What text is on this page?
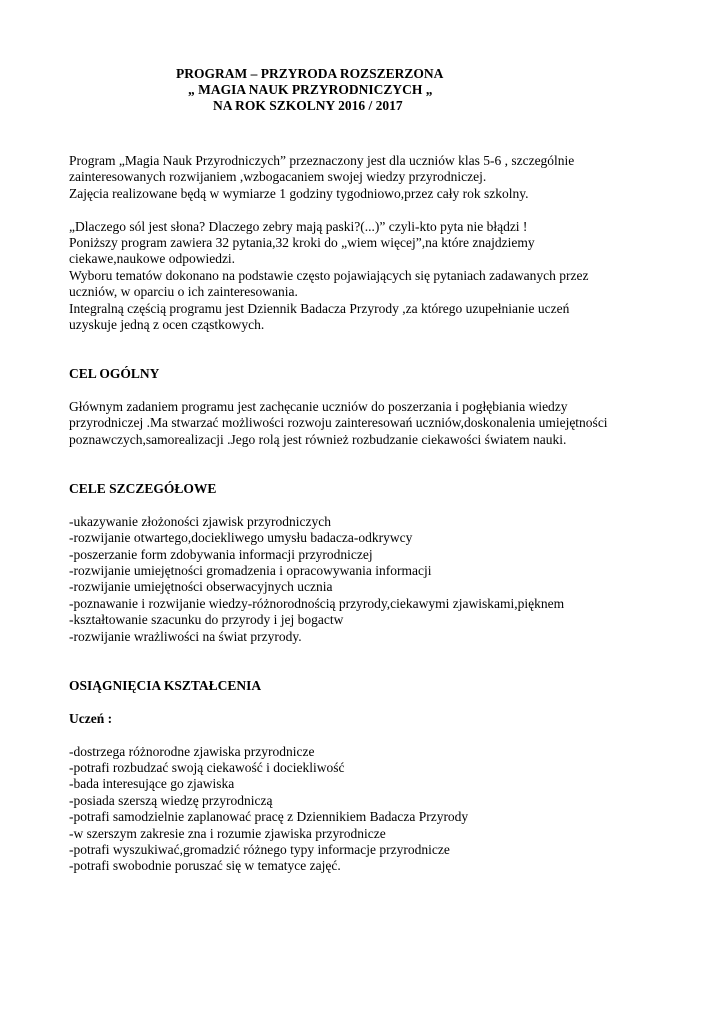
PROGRAM – PRZYRODA ROZSZERZONA
„ MAGIA NAUK PRZYRODNICZYCH „
NA ROK SZKOLNY 2016 / 2017
Program „Magia Nauk Przyrodniczych” przeznaczony jest dla uczniów klas 5-6 , szczególnie
zainteresowanych rozwijaniem ,wzbogacaniem swojej wiedzy przyrodniczej.
Zajęcia realizowane będą w wymiarze 1 godziny tygodniowo,przez cały rok szkolny.
„Dlaczego sól jest słona? Dlaczego zebry mają paski?(...)” czyli-kto pyta nie błądzi !
Poniższy program zawiera 32 pytania,32 kroki do „wiem więcej”,na które znajdziemy
ciekawe,naukowe odpowiedzi.
Wyboru tematów dokonano na podstawie często pojawiających się pytaniach zadawanych przez
uczniów, w oparciu o ich zainteresowania.
Integralną częścią programu jest Dziennik Badacza Przyrody ,za którego uzupełnianie uczeń
uzyskuje jedną z ocen cząstkowych.
CEL OGÓLNY
Głównym zadaniem programu jest zachęcanie uczniów do poszerzania i pogłębiania wiedzy
przyrodniczej .Ma stwarzać możliwości rozwoju zainteresowań uczniów,doskonalenia umiejętności
poznawczych,samorealizacji .Jego rolą jest również rozbudzanie ciekawości światem nauki.
CELE SZCZEGÓŁOWE
-ukazywanie złożoności zjawisk przyrodniczych
-rozwijanie otwartego,dociekliwego umysłu badacza-odkrywcy
-poszerzanie form zdobywania informacji przyrodniczej
-rozwijanie umiejętności gromadzenia i opracowywania informacji
-rozwijanie umiejętności obserwacyjnych ucznia
-poznawanie i rozwijanie wiedzy-różnorodnością przyrody,ciekawymi zjawiskami,pięknem
-kształtowanie szacunku do przyrody i jej bogactw
-rozwijanie wrażliwości na świat przyrody.
OSIĄGNIĘCIA KSZTAŁCENIA
Uczeń :
-dostrzega różnorodne zjawiska przyrodnicze
-potrafi rozbudzać swoją ciekawość i dociekliwość
-bada interesujące go zjawiska
-posiada szerszą wiedzę przyrodniczą
-potrafi samodzielnie zaplanować pracę z Dziennikiem Badacza Przyrody
-w szerszym zakresie zna i rozumie zjawiska przyrodnicze
-potrafi wyszukiwać,gromadzić różnego typy informacje przyrodnicze
-potrafi swobodnie poruszać się w tematyce zajęć.
